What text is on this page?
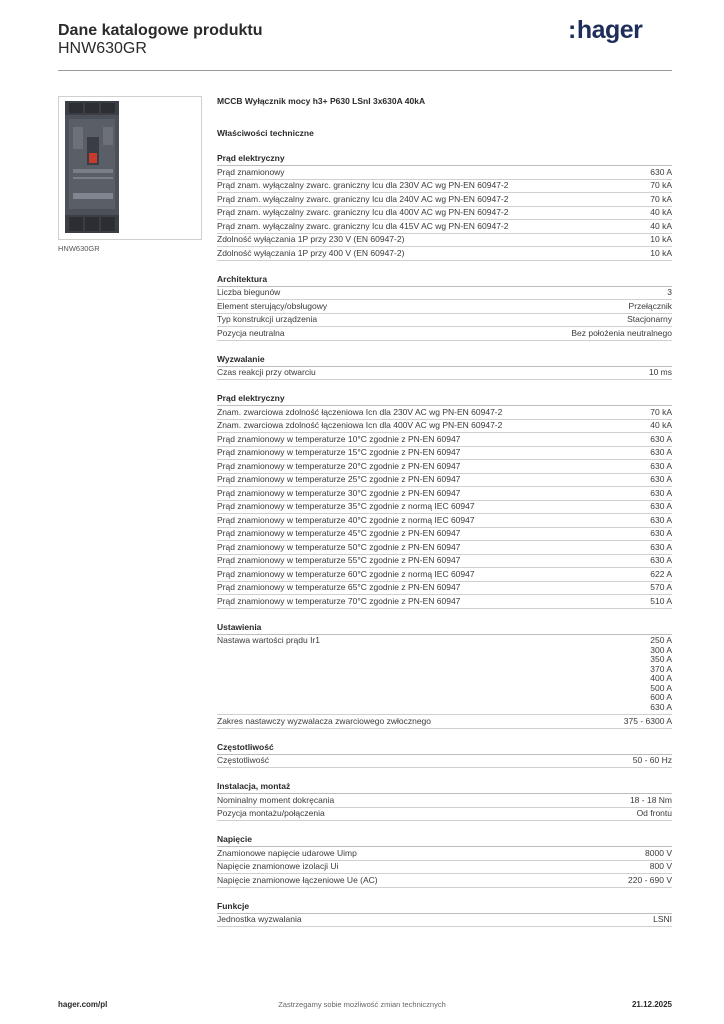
Dane katalogowe produktu
HNW630GR
:hager
HNW630GR
MCCB Wyłącznik mocy h3+ P630 LSnI 3x630A 40kA
Właściwości techniczne
Prąd elektryczny
Prąd znamionowy	630 A
Prąd znam. wyłączalny zwarc. graniczny Icu dla 230V AC wg PN-EN 60947-2	70 kA
Prąd znam. wyłączalny zwarc. graniczny Icu dla 240V AC wg PN-EN 60947-2	70 kA
Prąd znam. wyłączalny zwarc. graniczny Icu dla 400V AC wg PN-EN 60947-2	40 kA
Prąd znam. wyłączalny zwarc. graniczny Icu dla 415V AC wg PN-EN 60947-2	40 kA
Zdolność wyłączania 1P przy 230 V (EN 60947-2)	10 kA
Zdolność wyłączania 1P przy 400 V (EN 60947-2)	10 kA
Architektura
Liczba biegunów	3
Element sterujący/obsługowy	Przełącznik
Typ konstrukcji urządzenia	Stacjonarny
Pozycja neutralna	Bez położenia neutralnego
Wyzwalanie
Czas reakcji przy otwarciu	10 ms
Prąd elektryczny
Znam. zwarciowa zdolność łączeniowa Icn dla 230V AC wg PN-EN 60947-2	70 kA
Znam. zwarciowa zdolność łączeniowa Icn dla 400V AC wg PN-EN 60947-2	40 kA
Prąd znamionowy w temperaturze 10°C zgodnie z PN-EN 60947	630 A
Prąd znamionowy w temperaturze 15°C zgodnie z PN-EN 60947	630 A
Prąd znamionowy w temperaturze 20°C zgodnie z PN-EN 60947	630 A
Prąd znamionowy w temperaturze 25°C zgodnie z PN-EN 60947	630 A
Prąd znamionowy w temperaturze 30°C zgodnie z PN-EN 60947	630 A
Prąd znamionowy w temperaturze 35°C zgodnie z normą IEC 60947	630 A
Prąd znamionowy w temperaturze 40°C zgodnie z normą IEC 60947	630 A
Prąd znamionowy w temperaturze 45°C zgodnie z PN-EN 60947	630 A
Prąd znamionowy w temperaturze 50°C zgodnie z PN-EN 60947	630 A
Prąd znamionowy w temperaturze 55°C zgodnie z PN-EN 60947	630 A
Prąd znamionowy w temperaturze 60°C zgodnie z normą IEC 60947	622 A
Prąd znamionowy w temperaturze 65°C zgodnie z PN-EN 60947	570 A
Prąd znamionowy w temperaturze 70°C zgodnie z PN-EN 60947	510 A
Ustawienia
Nastawa wartości prądu Ir1	250 A
300 A
350 A
370 A
400 A
500 A
600 A
630 A
Zakres nastawczy wyzwalacza zwarciowego zwłocznego	375 - 6300 A
Częstotliwość
Częstotliwość	50 - 60 Hz
Instalacja, montaż
Nominalny moment dokręcania	18 - 18 Nm
Pozycja montażu/połączenia	Od frontu
Napięcie
Znamionowe napięcie udarowe Uimp	8000 V
Napięcie znamionowe izolacji Ui	800 V
Napięcie znamionowe łączeniowe Ue (AC)	220 - 690 V
Funkcje
Jednostka wyzwalania	LSNI
hager.com/pl	Zastrzegamy sobie możliwość zmian technicznych	21.12.2025
